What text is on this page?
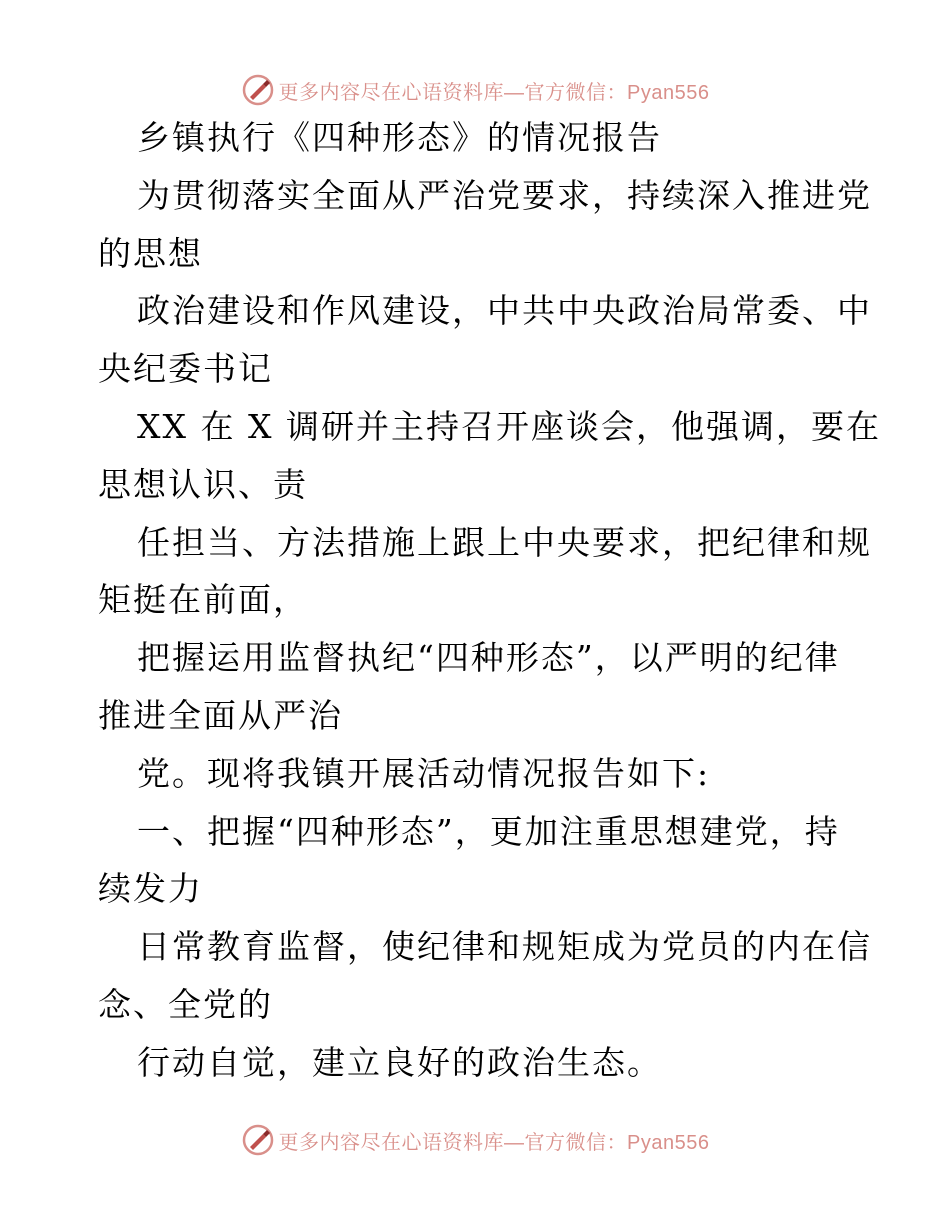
更多内容尽在心语资料库—官方微信：Pyan556
乡镇执行《四种形态》的情况报告
为贯彻落实全面从严治党要求，持续深入推进党
的思想
政治建设和作风建设，中共中央政治局常委、中
央纪委书记
XX 在 X 调研并主持召开座谈会，他强调，要在
思想认识、责
任担当、方法措施上跟上中央要求，把纪律和规
矩挺在前面，
把握运用监督执纪“四种形态”，以严明的纪律
推进全面从严治
党。现将我镇开展活动情况报告如下:
一、把握“四种形态”，更加注重思想建党，持
续发力
日常教育监督，使纪律和规矩成为党员的内在信
念、全党的
行动自觉，建立良好的政治生态。
更多内容尽在心语资料库—官方微信：Pyan556
